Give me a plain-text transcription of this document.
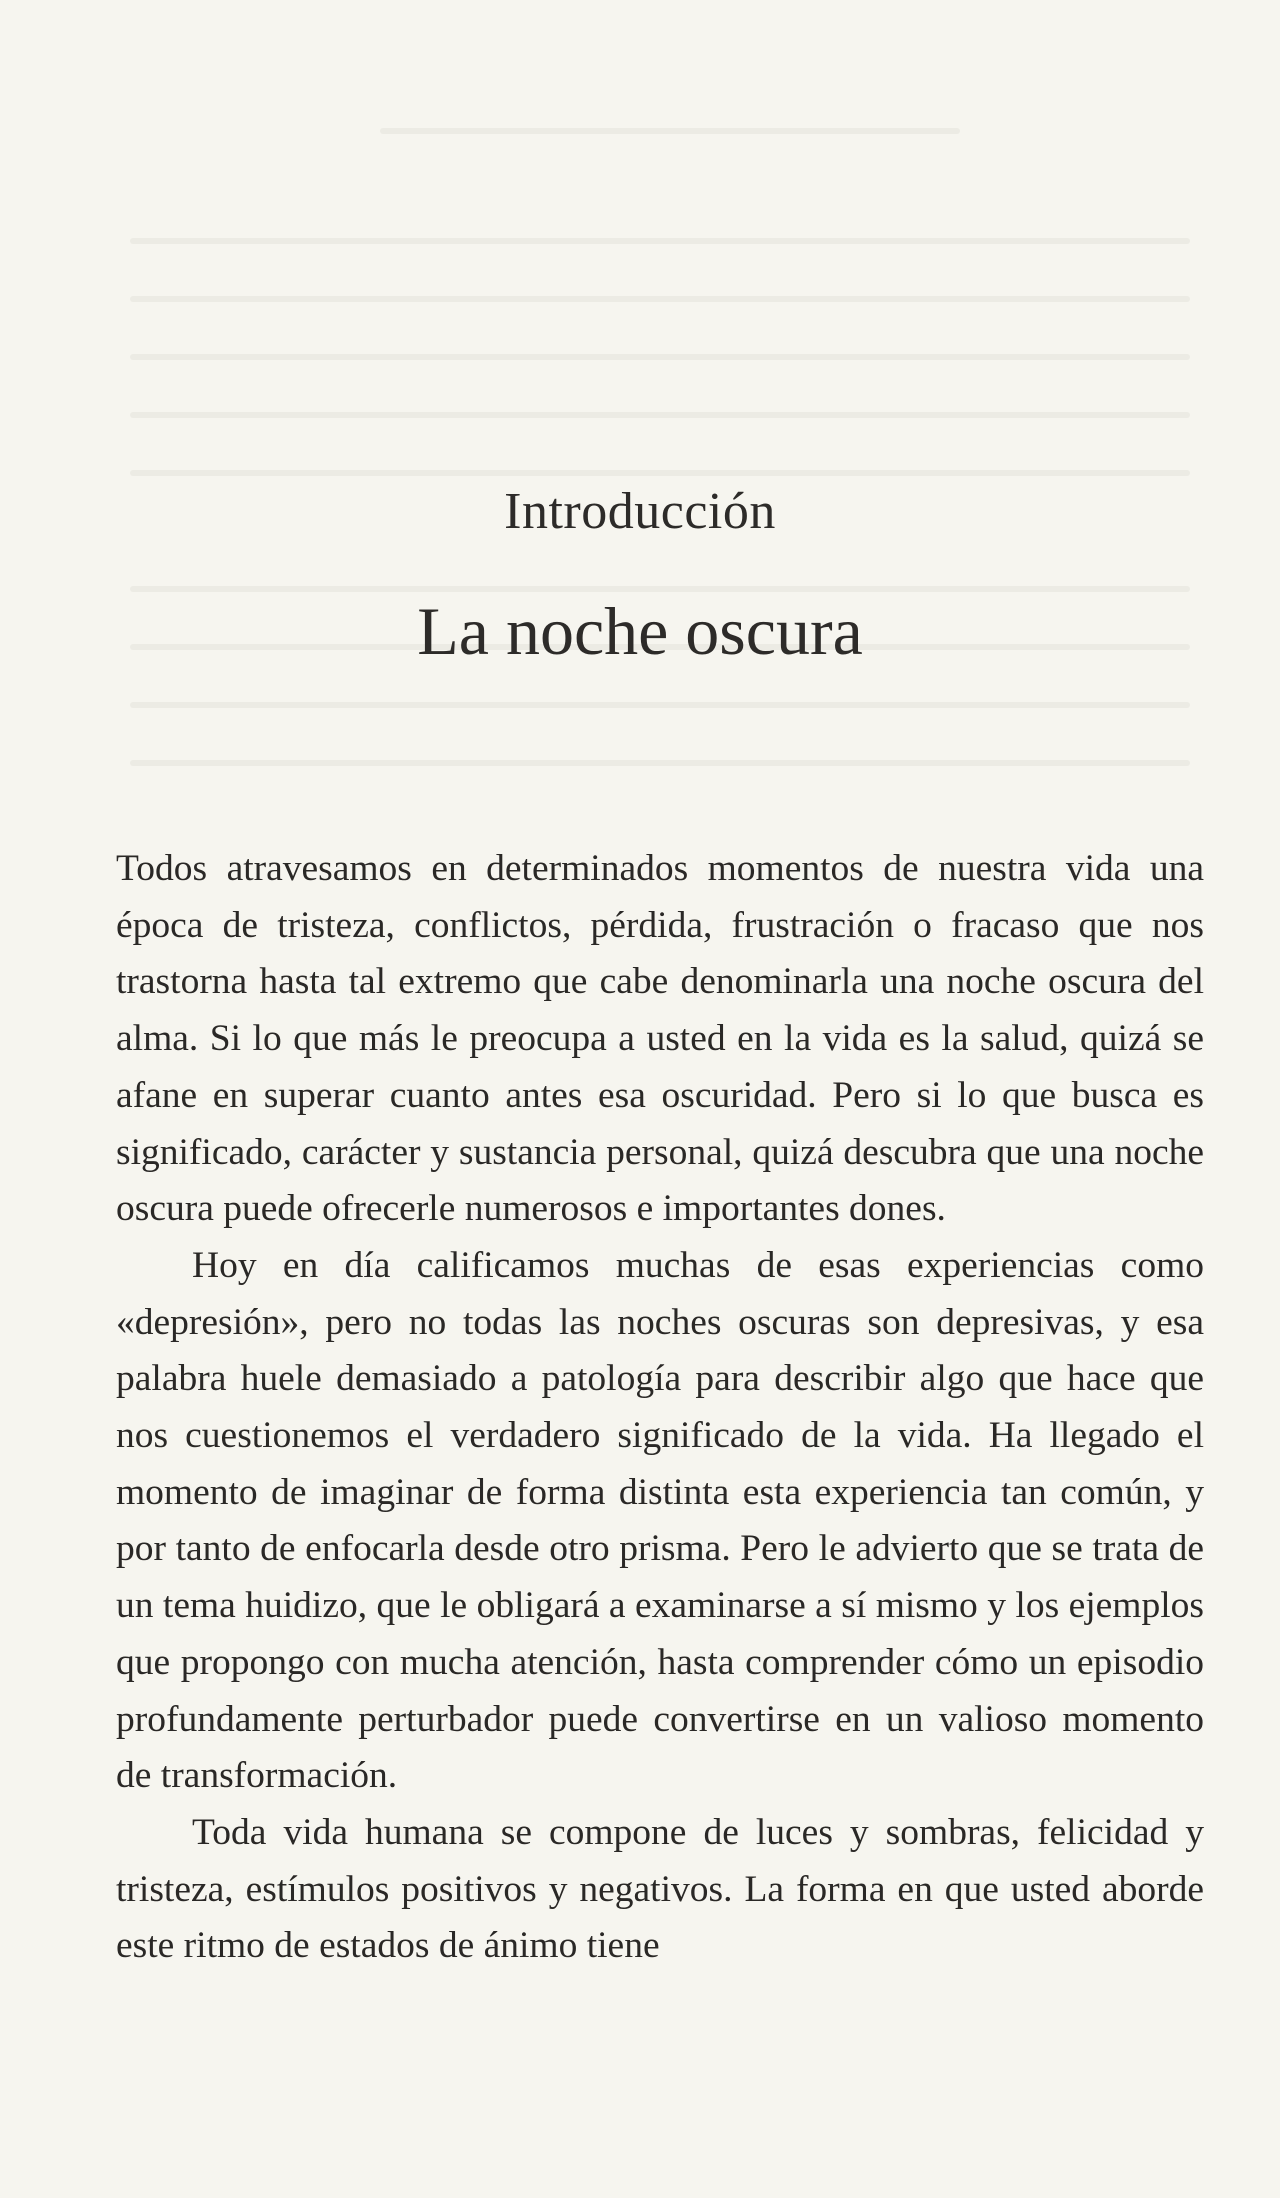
Introducción
La noche oscura

Todos atravesamos en determinados momentos de nuestra vida una época de tristeza, conflictos, pérdida, frustración o fracaso que nos trastorna hasta tal extremo que cabe denominarla una noche oscura del alma. Si lo que más le preocupa a usted en la vida es la salud, quizá se afane en superar cuanto antes esa oscuridad. Pero si lo que busca es significado, carácter y sustancia personal, quizá descubra que una noche oscura puede ofrecerle numerosos e importantes dones.

Hoy en día calificamos muchas de esas experiencias como «depresión», pero no todas las noches oscuras son depresivas, y esa palabra huele demasiado a patología para describir algo que hace que nos cuestionemos el verdadero significado de la vida. Ha llegado el momento de imaginar de forma distinta esta experiencia tan común, y por tanto de enfocarla desde otro prisma. Pero le advierto que se trata de un tema huidizo, que le obligará a examinarse a sí mismo y los ejemplos que propongo con mucha atención, hasta comprender cómo un episodio profundamente perturbador puede convertirse en un valioso momento de transformación.

Toda vida humana se compone de luces y sombras, felicidad y tristeza, estímulos positivos y negativos. La forma en que usted aborde este ritmo de estados de ánimo tiene
